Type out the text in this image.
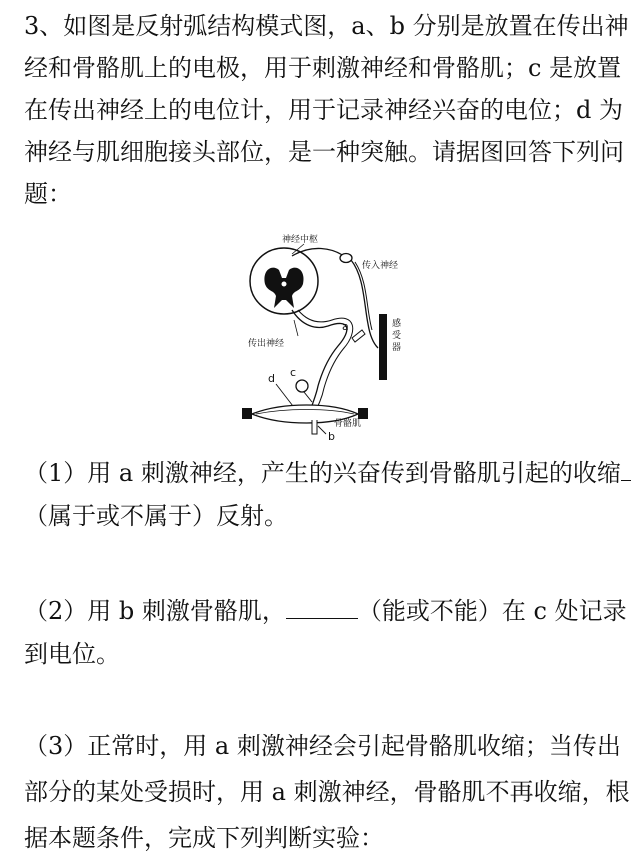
3、如图是反射弧结构模式图，a、b 分别是放置在传出神
经和骨骼肌上的电极，用于刺激神经和骨骼肌；c 是放置
在传出神经上的电位计，用于记录神经兴奋的电位；d 为
神经与肌细胞接头部位，是一种突触。请据图回答下列问
题：
神经中枢
传入神经
传出神经
骨骼肌
感
受
器
a
b
c
d
（1）用 a 刺激神经，产生的兴奋传到骨骼肌引起的收缩
（属于或不属于）反射。
（2）用 b 刺激骨骼肌，	（能或不能）在 c 处记录
到电位。
（3）正常时，用 a 刺激神经会引起骨骼肌收缩；当传出
部分的某处受损时，用 a 刺激神经，骨骼肌不再收缩，根
据本题条件，完成下列判断实验：
